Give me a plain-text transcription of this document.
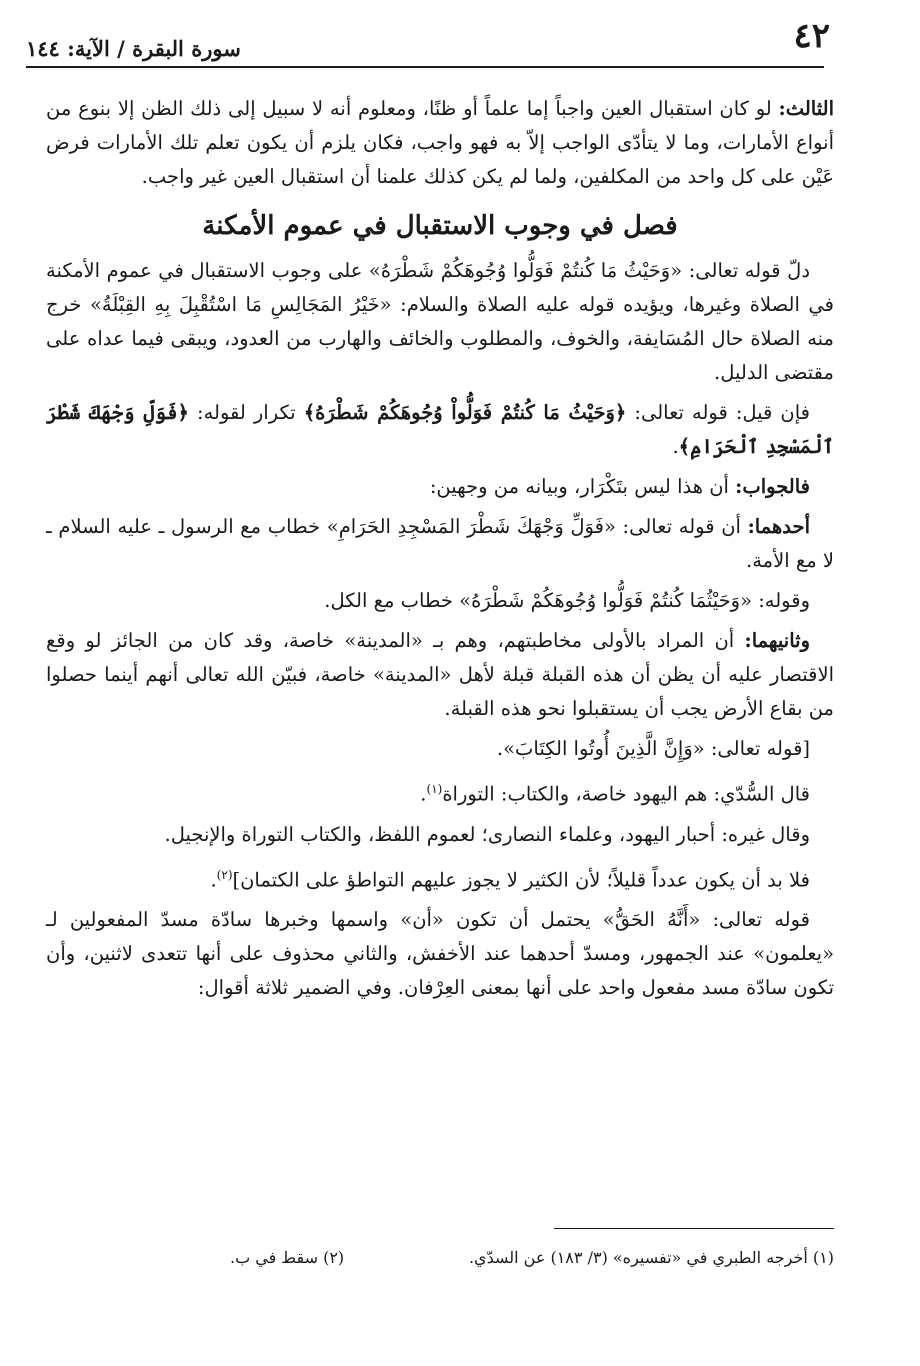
٤٢
سورة البقرة / الآية: ١٤٤

الثالث: لو كان استقبال العين واجباً إما علماً أو ظنًا، ومعلوم أنه لا سبيل إلى ذلك الظن إلا بنوع من أنواع الأمارات، وما لا يتأدّى الواجب إلاّ به فهو واجب، فكان يلزم أن يكون تعلم تلك الأمارات فرض عَيْن على كل واحد من المكلفين، ولما لم يكن كذلك علمنا أن استقبال العين غير واجب.

فصل في وجوب الاستقبال في عموم الأمكنة

دلّ قوله تعالى: «وَحَيْثُ مَا كُنتُمْ فَوَلُّوا وُجُوهَكُمْ شَطْرَهُ» على وجوب الاستقبال في عموم الأمكنة في الصلاة وغيرها، ويؤيده قوله عليه الصلاة والسلام: «خَيْرُ المَجَالِسِ مَا اسْتُقْبِلَ بِهِ القِبْلَةُ» خرج منه الصلاة حال المُسَايفة، والخوف، والمطلوب والخائف والهارب من العدود، ويبقى فيما عداه على مقتضى الدليل.

فإن قيل: قوله تعالى: ﴿وَحَيْثُ مَا كُنتُمْ فَوَلُّواْ وُجُوهَكُمْ شَطْرَهُ﴾ تكرار لقوله: ﴿فَوَلِّ وَجْهَكَ شَطْرَ ٱلْمَسْجِدِ ٱلْحَرَامِ﴾.

فالجواب: أن هذا ليس بتَكْرَار، وبيانه من وجهين:

أحدهما: أن قوله تعالى: «فَوَلِّ وَجْهَكَ شَطْرَ المَسْجِدِ الحَرَامِ» خطاب مع الرسول ـ عليه السلام ـ لا مع الأمة.

وقوله: «وَحَيْثُمَا كُنتُمْ فَوَلُّوا وُجُوهَكُمْ شَطْرَهُ» خطاب مع الكل.

وثانيهما: أن المراد بالأولى مخاطبتهم، وهم بـ «المدينة» خاصة، وقد كان من الجائز لو وقع الاقتصار عليه أن يظن أن هذه القبلة قبلة لأهل «المدينة» خاصة، فبيّن الله تعالى أنهم أينما حصلوا من بقاع الأرض يجب أن يستقبلوا نحو هذه القبلة.

[قوله تعالى: «وَإِنَّ الَّذِينَ أُوتُوا الكِتَابَ».

قال السُّدّي: هم اليهود خاصة، والكتاب: التوراة$^{(١)}$.

وقال غيره: أحبار اليهود، وعلماء النصارى؛ لعموم اللفظ، والكتاب التوراة والإنجيل.

فلا بد أن يكون عدداً قليلاً؛ لأن الكثير لا يجوز عليهم التواطؤ على الكتمان]$^{(٢)}$.

قوله تعالى: «أَنَّهُ الحَقُّ» يحتمل أن تكون «أن» واسمها وخبرها سادّة مسدّ المفعولين لـ «يعلمون» عند الجمهور، ومسدّ أحدهما عند الأخفش، والثاني محذوف على أنها تتعدى لاثنين، وأن تكون سادّة مسد مفعول واحد على أنها بمعنى العِرْفان. وفي الضمير ثلاثة أقوال:

(١) أخرجه الطبري في «تفسيره» (٣/ ١٨٣) عن السدّي.
(٢) سقط في ب.
